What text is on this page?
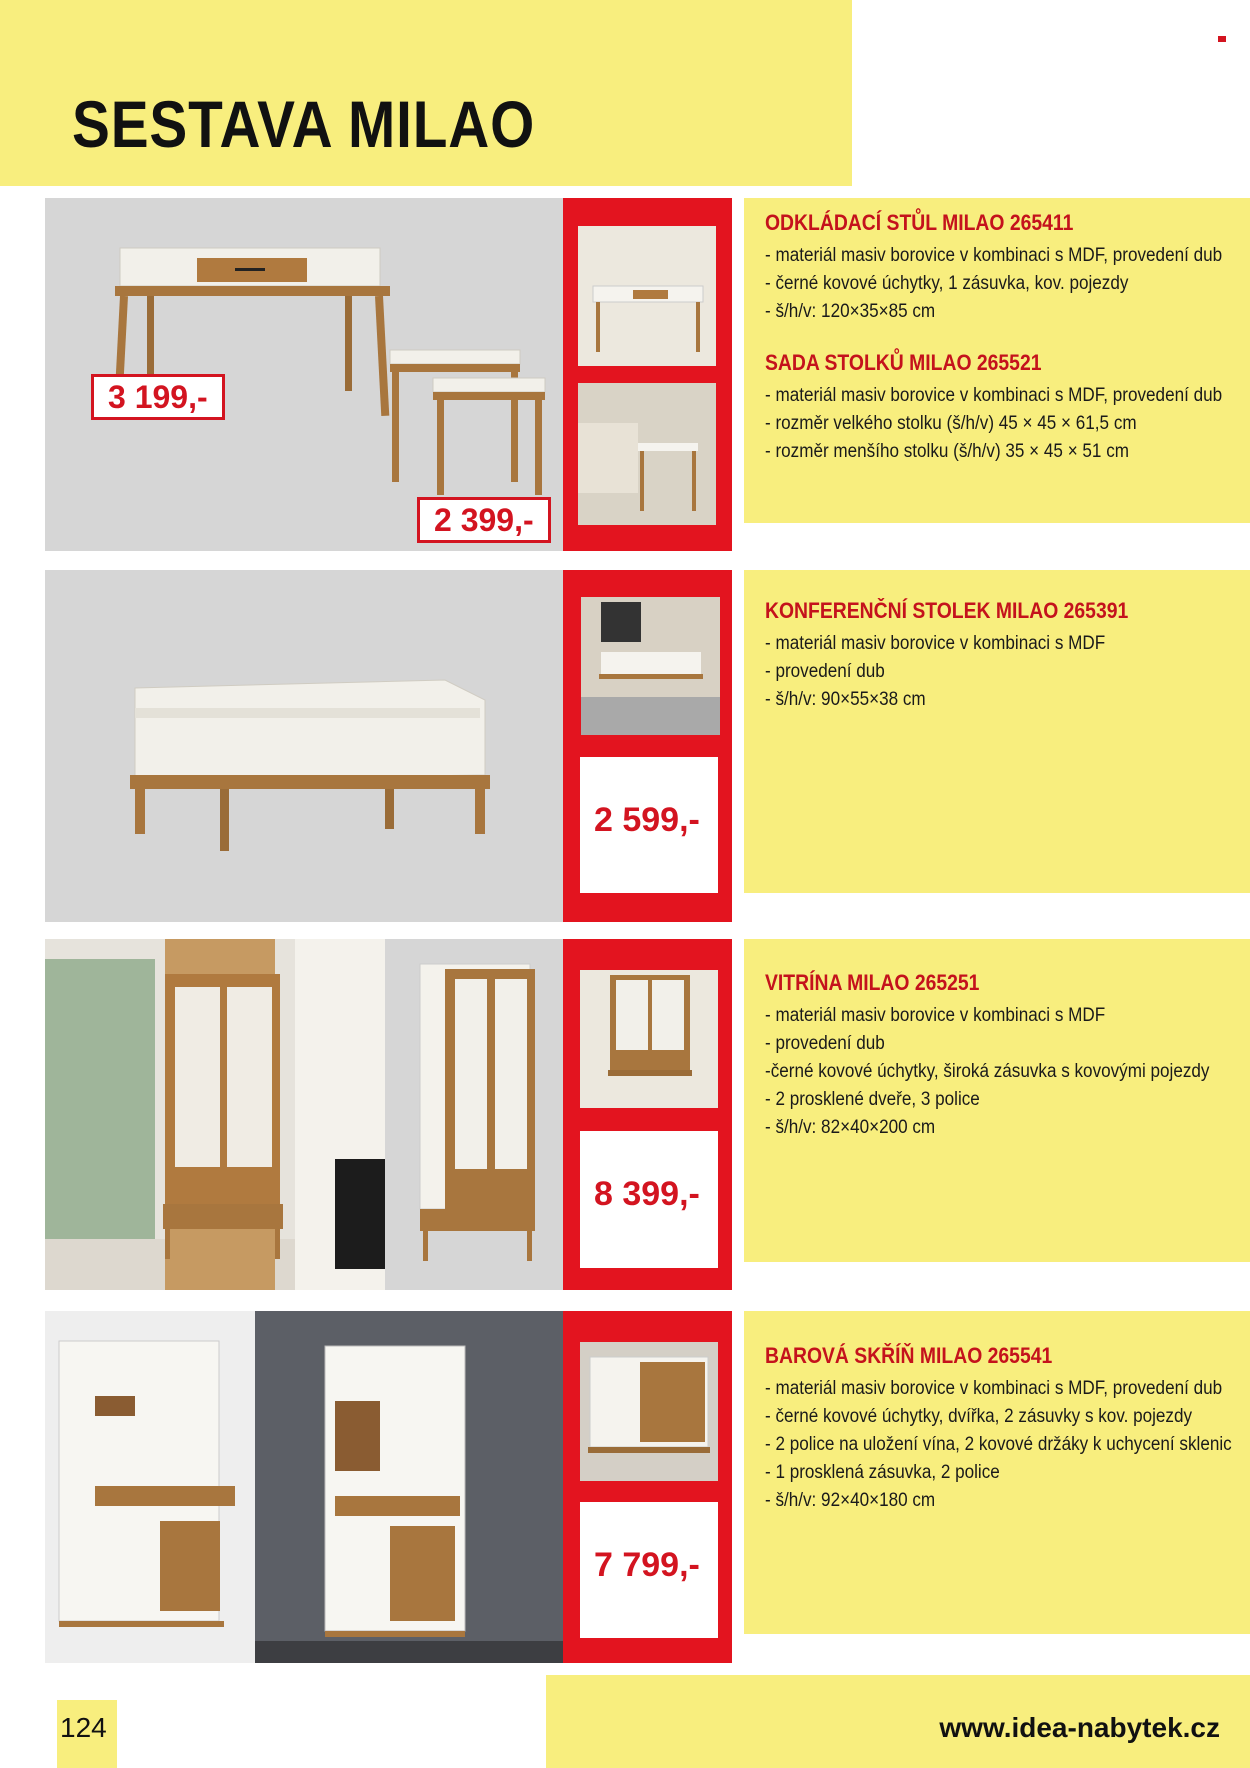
SESTAVA MILAO
ODKLÁDACÍ STŮL MILAO 265411

- materiál masiv borovice v kombinaci s MDF, provedení dub

- černé kovové úchytky, 1 zásuvka, kov. pojezdy

- š/h/v: 120×35×85 cm

SADA STOLKŮ MILAO 265521

- materiál masiv borovice v kombinaci s MDF, provedení dub

- rozměr velkého stolku (š/h/v) 45 × 45 × 61,5 cm

- rozměr menšího stolku (š/h/v) 35 × 45 × 51 cm

3 199,-
2 399,-
2 599,-
KONFERENČNÍ STOLEK MILAO 265391

- materiál masiv borovice v kombinaci s MDF

- provedení dub

- š/h/v: 90×55×38 cm

8 399,-
VITRÍNA MILAO 265251

- materiál masiv borovice v kombinaci s MDF

- provedení dub

-černé kovové úchytky, široká zásuvka s kovovými pojezdy

- 2 prosklené dveře, 3 police

- š/h/v: 82×40×200 cm

7 799,-
BAROVÁ SKŘÍŇ MILAO 265541

- materiál masiv borovice v kombinaci s MDF, provedení dub

- černé kovové úchytky, dvířka, 2 zásuvky s kov. pojezdy

- 2 police na uložení vína, 2 kovové držáky k uchycení sklenic

- 1 prosklená zásuvka, 2 police

- š/h/v: 92×40×180 cm

124	www.idea-nabytek.cz
